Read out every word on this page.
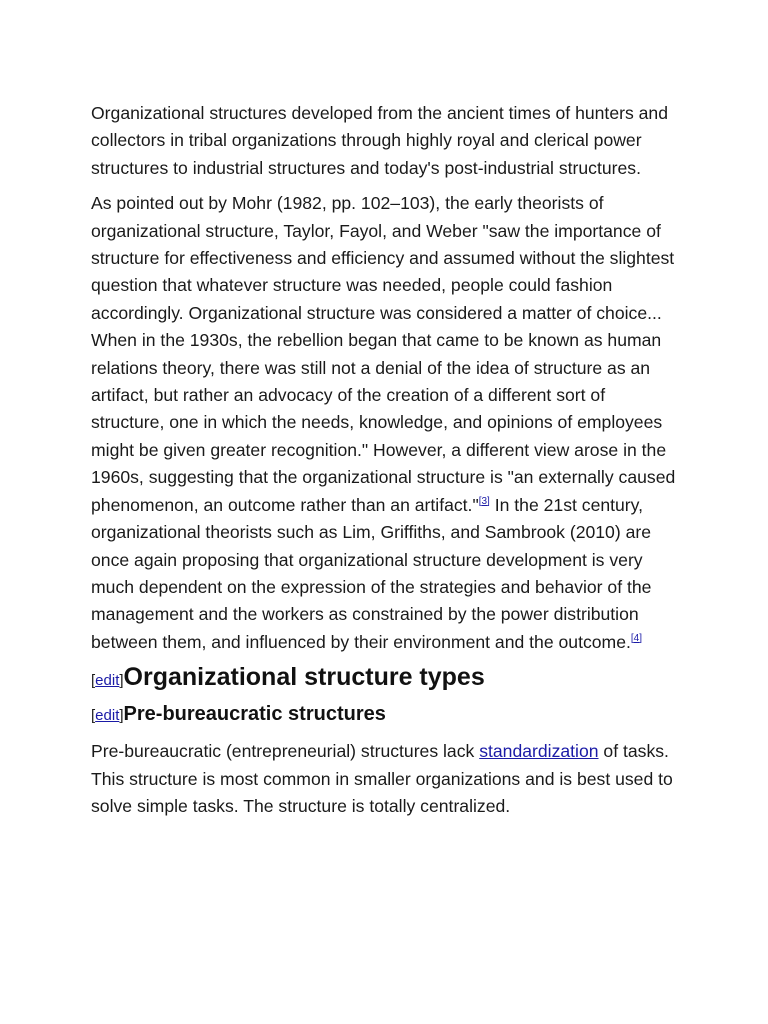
Organizational structures developed from the ancient times of hunters and collectors in tribal organizations through highly royal and clerical power structures to industrial structures and today's post-industrial structures.

As pointed out by Mohr (1982, pp. 102–103), the early theorists of organizational structure, Taylor, Fayol, and Weber "saw the importance of structure for effectiveness and efficiency and assumed without the slightest question that whatever structure was needed, people could fashion accordingly. Organizational structure was considered a matter of choice... When in the 1930s, the rebellion began that came to be known as human relations theory, there was still not a denial of the idea of structure as an artifact, but rather an advocacy of the creation of a different sort of structure, one in which the needs, knowledge, and opinions of employees might be given greater recognition." However, a different view arose in the 1960s, suggesting that the organizational structure is "an externally caused phenomenon, an outcome rather than an artifact."[3] In the 21st century, organizational theorists such as Lim, Griffiths, and Sambrook (2010) are once again proposing that organizational structure development is very much dependent on the expression of the strategies and behavior of the management and the workers as constrained by the power distribution between them, and influenced by their environment and the outcome.[4]

[edit]Organizational structure types
[edit]Pre-bureaucratic structures

Pre-bureaucratic (entrepreneurial) structures lack standardization of tasks. This structure is most common in smaller organizations and is best used to solve simple tasks. The structure is totally centralized.
